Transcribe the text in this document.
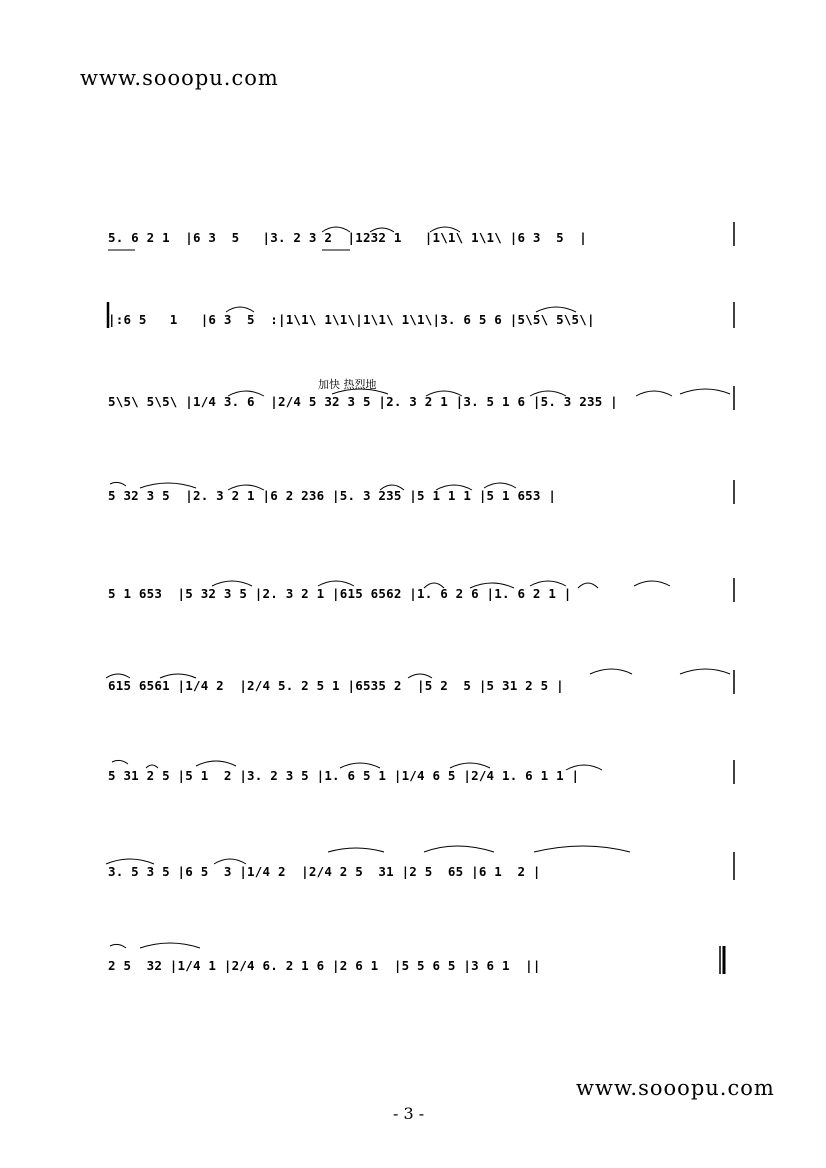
www.sooopu.com
5. 6 2 1  |6 3  5   |3. 2 3 2  |1232 1   |1\1\ 1\1\ |6 3  5  |
|:6 5   1   |6 3  5  :|1\1\ 1\1\|1\1\ 1\1\|3. 6 5 6 |5\5\ 5\5\|
加快 热烈地
5\5\ 5\5\ |1/4 3. 6  |2/4 5 32 3 5 |2. 3 2 1 |3. 5 1 6 |5. 3 235 |
5 32 3 5  |2. 3 2 1 |6 2 236 |5. 3 235 |5 1 1 1 |5 1 653 |
5 1 653  |5 32 3 5 |2. 3 2 1 |615 6562 |1. 6 2 6 |1. 6 2 1 |
615 6561 |1/4 2  |2/4 5. 2 5 1 |6535 2  |5 2  5 |5 31 2 5 |
5 31 2 5 |5 1  2 |3. 2 3 5 |1. 6 5 1 |1/4 6 5 |2/4 1. 6 1 1 |
3. 5 3 5 |6 5  3 |1/4 2  |2/4 2 5  31 |2 5  65 |6 1  2 |
2 5  32 |1/4 1 |2/4 6. 2 1 6 |2 6 1  |5 5 6 5 |3 6 1  ||
www.sooopu.com
- 3 -
